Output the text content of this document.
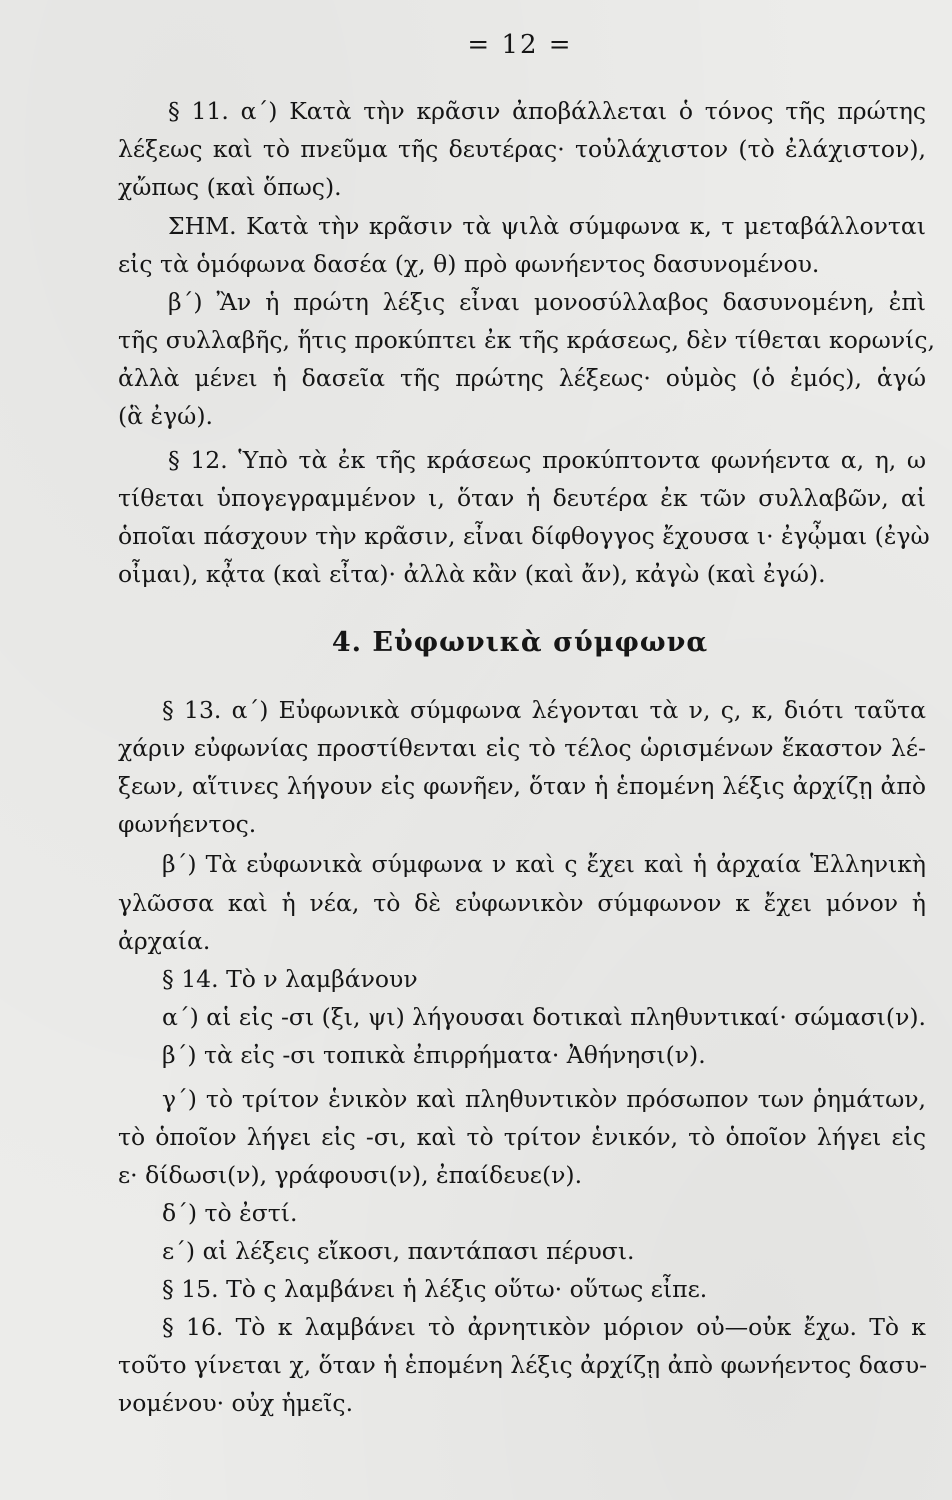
= 12 =
§ 11. α΄) Κατὰ τὴν κρᾶσιν ἀποβάλλεται ὁ τόνος τῆς πρώτης
λέξεως καὶ τὸ πνεῦμα τῆς δευτέρας· τοὐλάχιστον (τὸ ἐλάχιστον),
χὤπως (καὶ ὅπως).
ΣΗΜ. Κατὰ τὴν κρᾶσιν τὰ ψιλὰ σύμφωνα κ, τ μεταβάλλονται
εἰς τὰ ὁμόφωνα δασέα (χ, θ) πρὸ φωνήεντος δασυνομένου.
β΄) Ἂν ἡ πρώτη λέξις εἶναι μονοσύλλαβος δασυνομένη, ἐπὶ
τῆς συλλαβῆς, ἥτις προκύπτει ἐκ τῆς κράσεως, δὲν τίθεται κορωνίς,
ἀλλὰ μένει ἡ δασεῖα τῆς πρώτης λέξεως· οὑμὸς (ὁ ἐμός), ἁγώ
(ἃ ἐγώ).
§ 12. Ὑπὸ τὰ ἐκ τῆς κράσεως προκύπτοντα φωνήεντα α, η, ω
τίθεται ὑπογεγραμμένον ι, ὅταν ἡ δευτέρα ἐκ τῶν συλλαβῶν, αἱ
ὁποῖαι πάσχουν τὴν κρᾶσιν, εἶναι δίφθογγος ἔχουσα ι· ἐγᾦμαι (ἐγὼ
οἶμαι), κᾆτα (καὶ εἶτα)· ἀλλὰ κἂν (καὶ ἄν), κἀγὼ (καὶ ἐγώ).
4. Εὐφωνικὰ σύμφωνα
§ 13. α΄) Εὐφωνικὰ σύμφωνα λέγονται τὰ ν, ς, κ, διότι ταῦτα
χάριν εὐφωνίας προστίθενται εἰς τὸ τέλος ὡρισμένων ἕκαστον λέ-
ξεων, αἵτινες λήγουν εἰς φωνῆεν, ὅταν ἡ ἑπομένη λέξις ἀρχίζῃ ἀπὸ
φωνήεντος.
β΄) Τὰ εὐφωνικὰ σύμφωνα ν καὶ ς ἔχει καὶ ἡ ἀρχαία Ἑλληνικὴ
γλῶσσα καὶ ἡ νέα, τὸ δὲ εὐφωνικὸν σύμφωνον κ ἔχει μόνον ἡ
ἀρχαία.
§ 14. Τὸ ν λαμβάνουν
α΄) αἱ εἰς -σι (ξι, ψι) λήγουσαι δοτικαὶ πληθυντικαί· σώμασι(ν).
β΄) τὰ εἰς -σι τοπικὰ ἐπιρρήματα· Ἀθήνησι(ν).
γ΄) τὸ τρίτον ἑνικὸν καὶ πληθυντικὸν πρόσωπον των ῥημάτων,
τὸ ὁποῖον λήγει εἰς -σι, καὶ τὸ τρίτον ἑνικόν, τὸ ὁποῖον λήγει εἰς
ε· δίδωσι(ν), γράφουσι(ν), ἐπαίδευε(ν).
δ΄) τὸ ἐστί.
ε΄) αἱ λέξεις εἴκοσι, παντάπασι πέρυσι.
§ 15. Τὸ ς λαμβάνει ἡ λέξις οὕτω· οὕτως εἶπε.
§ 16. Τὸ κ λαμβάνει τὸ ἀρνητικὸν μόριον οὐ—οὐκ ἔχω. Τὸ κ
τοῦτο γίνεται χ, ὅταν ἡ ἑπομένη λέξις ἀρχίζῃ ἀπὸ φωνήεντος δασυ-
νομένου· οὐχ ἡμεῖς.
